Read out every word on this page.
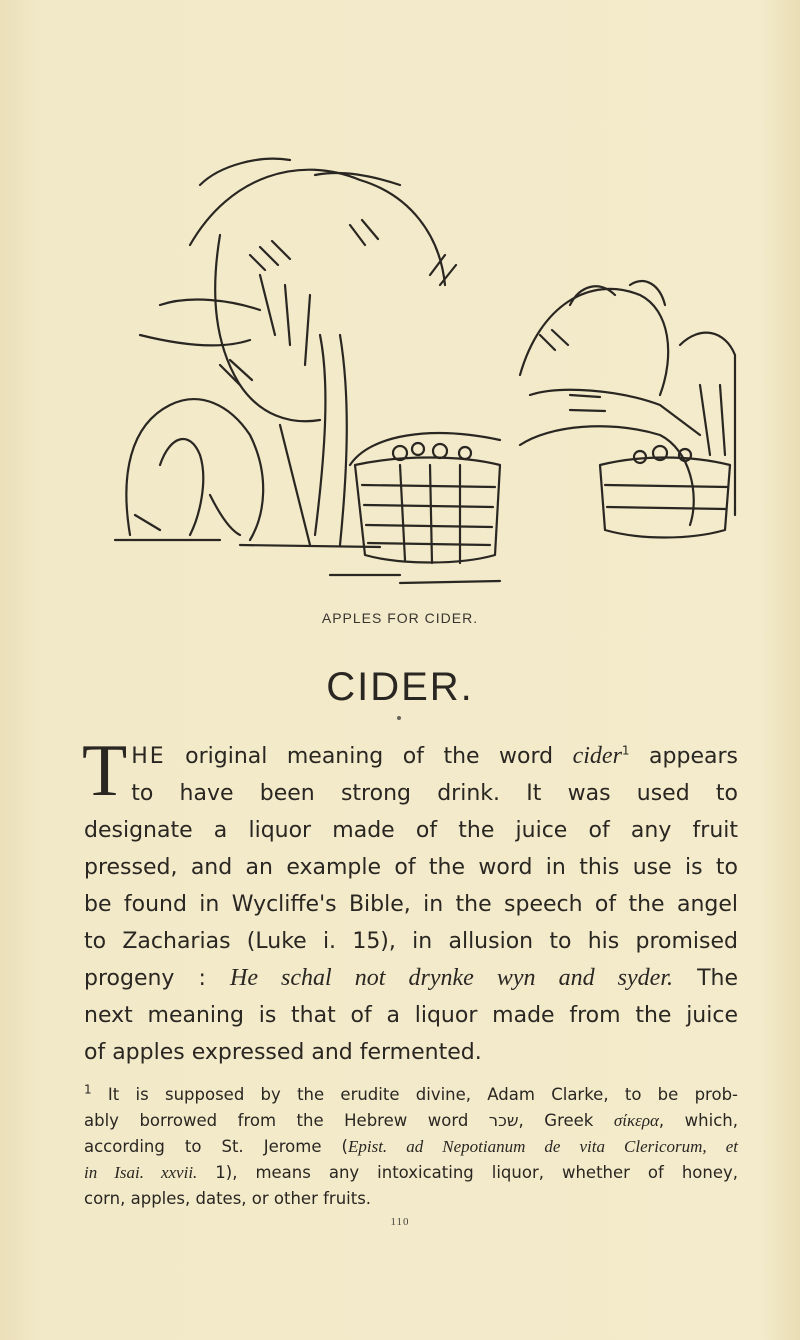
APPLES FOR CIDER.
CIDER.
T HE original meaning of the word cider$^1$ appears
to have been strong drink. It was used to
designate a liquor made of the juice of any fruit
pressed, and an example of the word in this use is to
be found in Wycliffe's Bible, in the speech of the angel
to Zacharias (Luke i. 15), in allusion to his promised
progeny : He schal not drynke wyn and syder. The
next meaning is that of a liquor made from the juice
of apples expressed and fermented.
$^1$ It is supposed by the erudite divine, Adam Clarke, to be prob-
ably borrowed from the Hebrew word שכר, Greek σίκερα, which,
according to St. Jerome (Epist. ad Nepotianum de vita Clericorum, et
in Isai. xxvii. 1), means any intoxicating liquor, whether of honey,
corn, apples, dates, or other fruits.
110
